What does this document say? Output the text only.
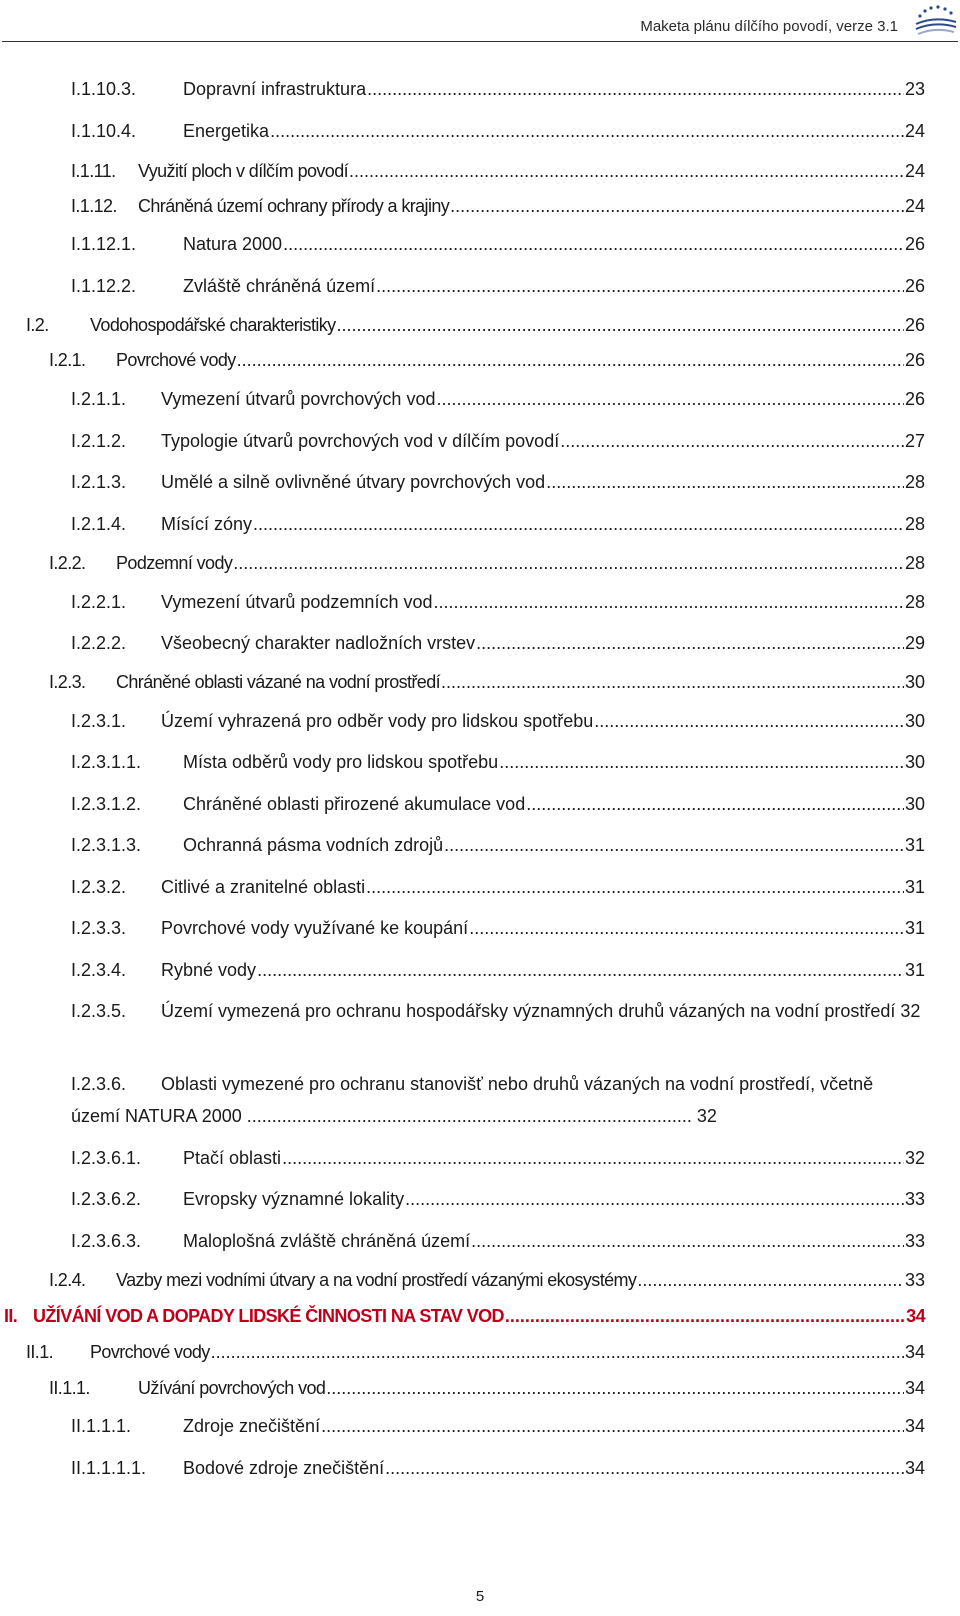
Maketa plánu dílčího povodí, verze 3.1
I.1.10.3.	Dopravní infrastruktura .....	23
I.1.10.4.	Energetika .....	24
I.1.11.	Využití ploch v dílčím povodí .....	24
I.1.12.	Chráněná území ochrany přírody a krajiny .....	24
I.1.12.1.	Natura 2000 .....	26
I.1.12.2.	Zvláště chráněná území .....	26
I.2.	Vodohospodářské charakteristiky .....	26
I.2.1.	Povrchové vody .....	26
I.2.1.1.	Vymezení útvarů povrchových vod .....	26
I.2.1.2.	Typologie útvarů povrchových vod v dílčím povodí .....	27
I.2.1.3.	Umělé a silně ovlivněné útvary povrchových vod .....	28
I.2.1.4.	Mísící zóny .....	28
I.2.2.	Podzemní vody .....	28
I.2.2.1.	Vymezení útvarů podzemních vod .....	28
I.2.2.2.	Všeobecný charakter nadložních vrstev .....	29
I.2.3.	Chráněné oblasti vázané na vodní prostředí .....	30
I.2.3.1.	Území vyhrazená pro odběr vody pro lidskou spotřebu .....	30
I.2.3.1.1.	Místa odběrů vody pro lidskou spotřebu .....	30
I.2.3.1.2.	Chráněné oblasti přirozené akumulace vod .....	30
I.2.3.1.3.	Ochranná pásma vodních zdrojů .....	31
I.2.3.2.	Citlivé a zranitelné oblasti .....	31
I.2.3.3.	Povrchové vody využívané ke koupání .....	31
I.2.3.4.	Rybné vody .....	31
I.2.3.5. Území vymezená pro ochranu hospodářsky významných druhů vázaných na vodní prostředí 32
I.2.3.6. Oblasti vymezené pro ochranu stanovišť nebo druhů vázaných na vodní prostředí, včetně území NATURA 2000 ......................................................................................... 32
I.2.3.6.1.	Ptačí oblasti .....	32
I.2.3.6.2.	Evropsky významné lokality .....	33
I.2.3.6.3.	Maloplošná zvláště chráněná území .....	33
I.2.4.	Vazby mezi vodními útvary a na vodní prostředí vázanými ekosystémy .....	33
II. UŽÍVÁNÍ VOD A DOPADY LIDSKÉ ČINNOSTI NA STAV VOD .....	34
II.1.	Povrchové vody .....	34
II.1.1.	Užívání povrchových vod .....	34
II.1.1.1.	Zdroje znečištění .....	34
II.1.1.1.1.	Bodové zdroje znečištění .....	34
5
